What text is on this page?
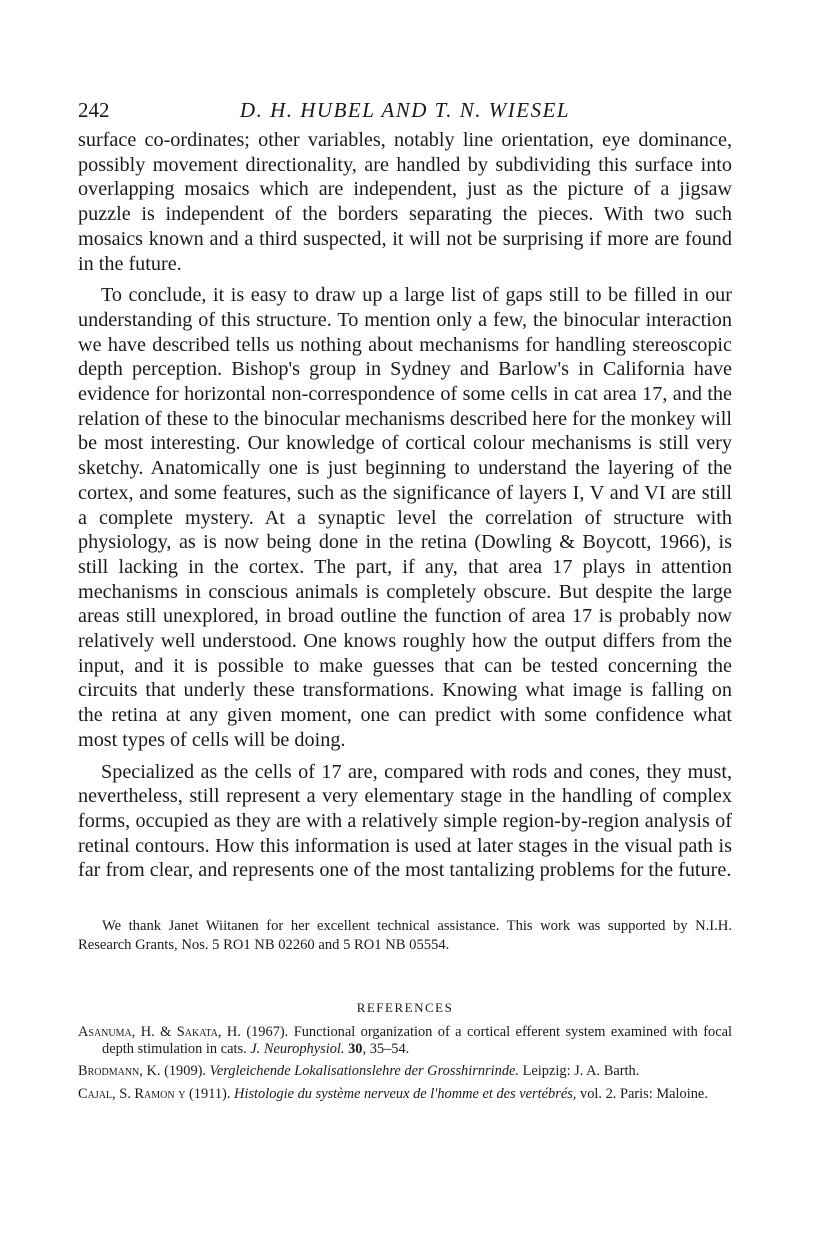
242	D. H. HUBEL AND T. N. WIESEL

surface co-ordinates; other variables, notably line orientation, eye dominance, possibly movement directionality, are handled by subdividing this surface into overlapping mosaics which are independent, just as the picture of a jigsaw puzzle is independent of the borders separating the pieces. With two such mosaics known and a third suspected, it will not be surprising if more are found in the future.

To conclude, it is easy to draw up a large list of gaps still to be filled in our understanding of this structure. To mention only a few, the binocular interaction we have described tells us nothing about mechanisms for handling stereoscopic depth perception. Bishop's group in Sydney and Barlow's in California have evidence for horizontal non-correspondence of some cells in cat area 17, and the relation of these to the binocular mechanisms described here for the monkey will be most interesting. Our knowledge of cortical colour mechanisms is still very sketchy. Anatomically one is just beginning to understand the layering of the cortex, and some features, such as the significance of layers I, V and VI are still a complete mystery. At a synaptic level the correlation of structure with physiology, as is now being done in the retina (Dowling & Boycott, 1966), is still lacking in the cortex. The part, if any, that area 17 plays in attention mechanisms in conscious animals is completely obscure. But despite the large areas still unexplored, in broad outline the function of area 17 is probably now relatively well understood. One knows roughly how the output differs from the input, and it is possible to make guesses that can be tested concerning the circuits that underly these transformations. Knowing what image is falling on the retina at any given moment, one can predict with some confidence what most types of cells will be doing.

Specialized as the cells of 17 are, compared with rods and cones, they must, nevertheless, still represent a very elementary stage in the handling of complex forms, occupied as they are with a relatively simple region-by-region analysis of retinal contours. How this information is used at later stages in the visual path is far from clear, and represents one of the most tantalizing problems for the future.

We thank Janet Wiitanen for her excellent technical assistance. This work was supported by N.I.H. Research Grants, Nos. 5 RO1 NB 02260 and 5 RO1 NB 05554.
REFERENCES
Asanuma, H. & Sakata, H. (1967). Functional organization of a cortical efferent system examined with focal depth stimulation in cats. J. Neurophysiol. 30, 35–54.
Brodmann, K. (1909). Vergleichende Lokalisationslehre der Grosshirnrinde. Leipzig: J. A. Barth.
Cajal, S. Ramon y (1911). Histologie du système nerveux de l'homme et des vertébrés, vol. 2. Paris: Maloine.
